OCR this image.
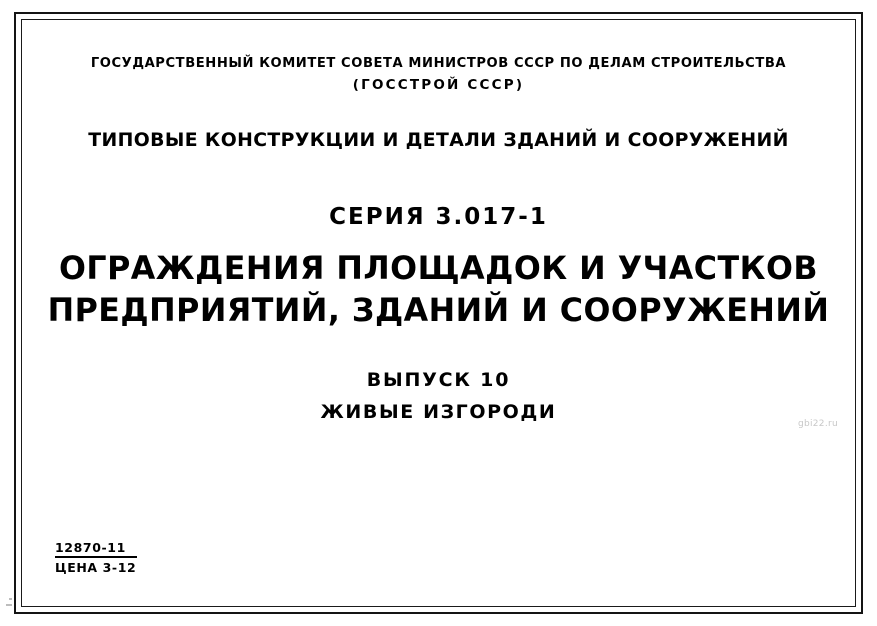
ГОСУДАРСТВЕННЫЙ КОМИТЕТ СОВЕТА МИНИСТРОВ СССР ПО ДЕЛАМ СТРОИТЕЛЬСТВА
(ГОССТРОЙ СССР)
ТИПОВЫЕ КОНСТРУКЦИИ И ДЕТАЛИ ЗДАНИЙ И СООРУЖЕНИЙ
СЕРИЯ 3.017-1
ОГРАЖДЕНИЯ ПЛОЩАДОК И УЧАСТКОВ
ПРЕДПРИЯТИЙ, ЗДАНИЙ И СООРУЖЕНИЙ
ВЫПУСК 10
ЖИВЫЕ ИЗГОРОДИ
12870-11
ЦЕНА 3-12
gbi22.ru
